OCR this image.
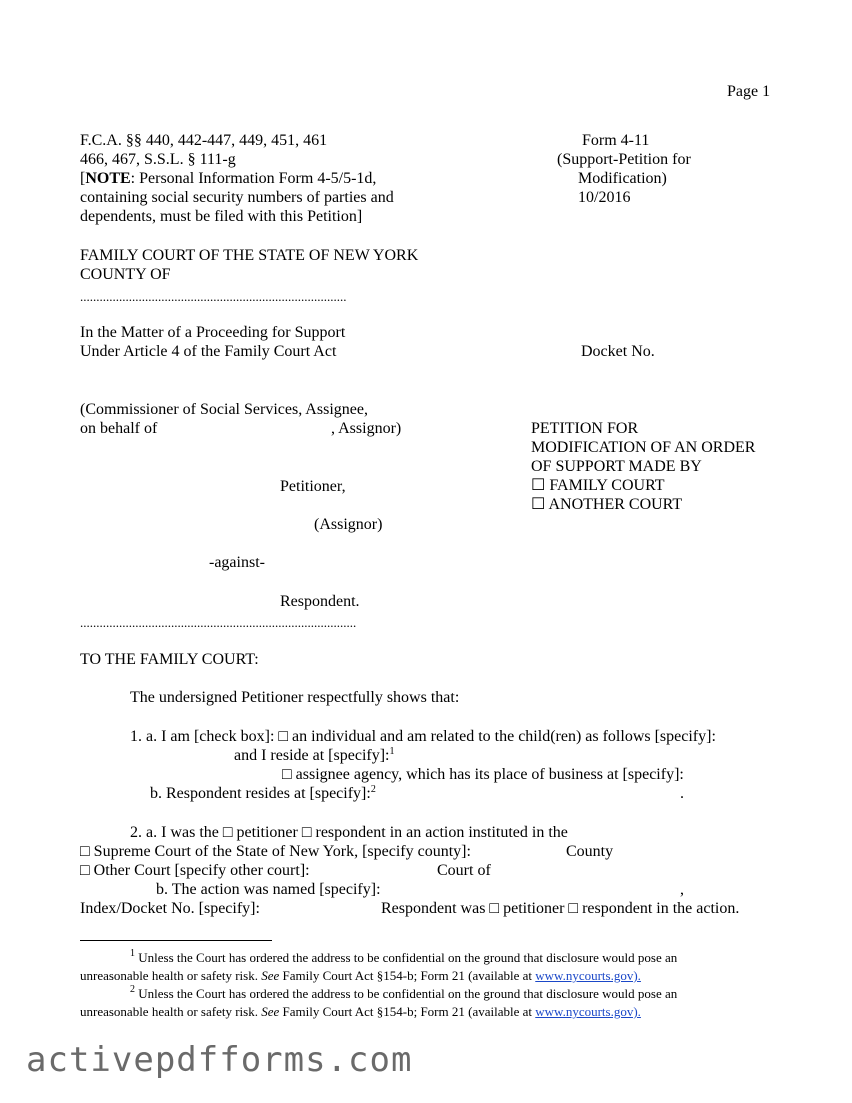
Page 1
F.C.A. §§ 440, 442-447, 449, 451, 461
466, 467, S.S.L. § 111-g
[NOTE: Personal Information Form 4-5/5-1d,
containing social security numbers of parties and
dependents, must be filed with this Petition]
Form 4-11
(Support-Petition for
Modification)
10/2016
FAMILY COURT OF THE STATE OF NEW YORK
COUNTY OF
..................................................................................
In the Matter of a Proceeding for Support
Under Article 4 of the Family Court Act	Docket No.
(Commissioner of Social Services, Assignee,
on behalf of	, Assignor)
Petitioner,
(Assignor)
-against-
Respondent.
.....................................................................................
PETITION FOR
MODIFICATION OF AN ORDER
OF SUPPORT MADE BY
☐ FAMILY COURT
☐ ANOTHER COURT
TO THE FAMILY COURT:
The undersigned Petitioner respectfully shows that:
1. a. I am [check box]: □ an individual and am related to the child(ren) as follows [specify]:
and I reside at [specify]:$^1$
□ assignee agency, which has its place of business at [specify]:
b. Respondent resides at [specify]:$^2$	.
2. a. I was the □ petitioner □ respondent in an action instituted in the
□ Supreme Court of the State of New York, [specify county]:	County
□ Other Court [specify other court]:	Court of
b. The action was named [specify]:	,
Index/Docket No. [specify]:	Respondent was □ petitioner □ respondent in the action.
$^1$ Unless the Court has ordered the address to be confidential on the ground that disclosure would pose an
unreasonable health or safety risk. See Family Court Act §154-b; Form 21 (available at www.nycourts.gov).
$^2$ Unless the Court has ordered the address to be confidential on the ground that disclosure would pose an
unreasonable health or safety risk. See Family Court Act §154-b; Form 21 (available at www.nycourts.gov).
activepdfforms.com
